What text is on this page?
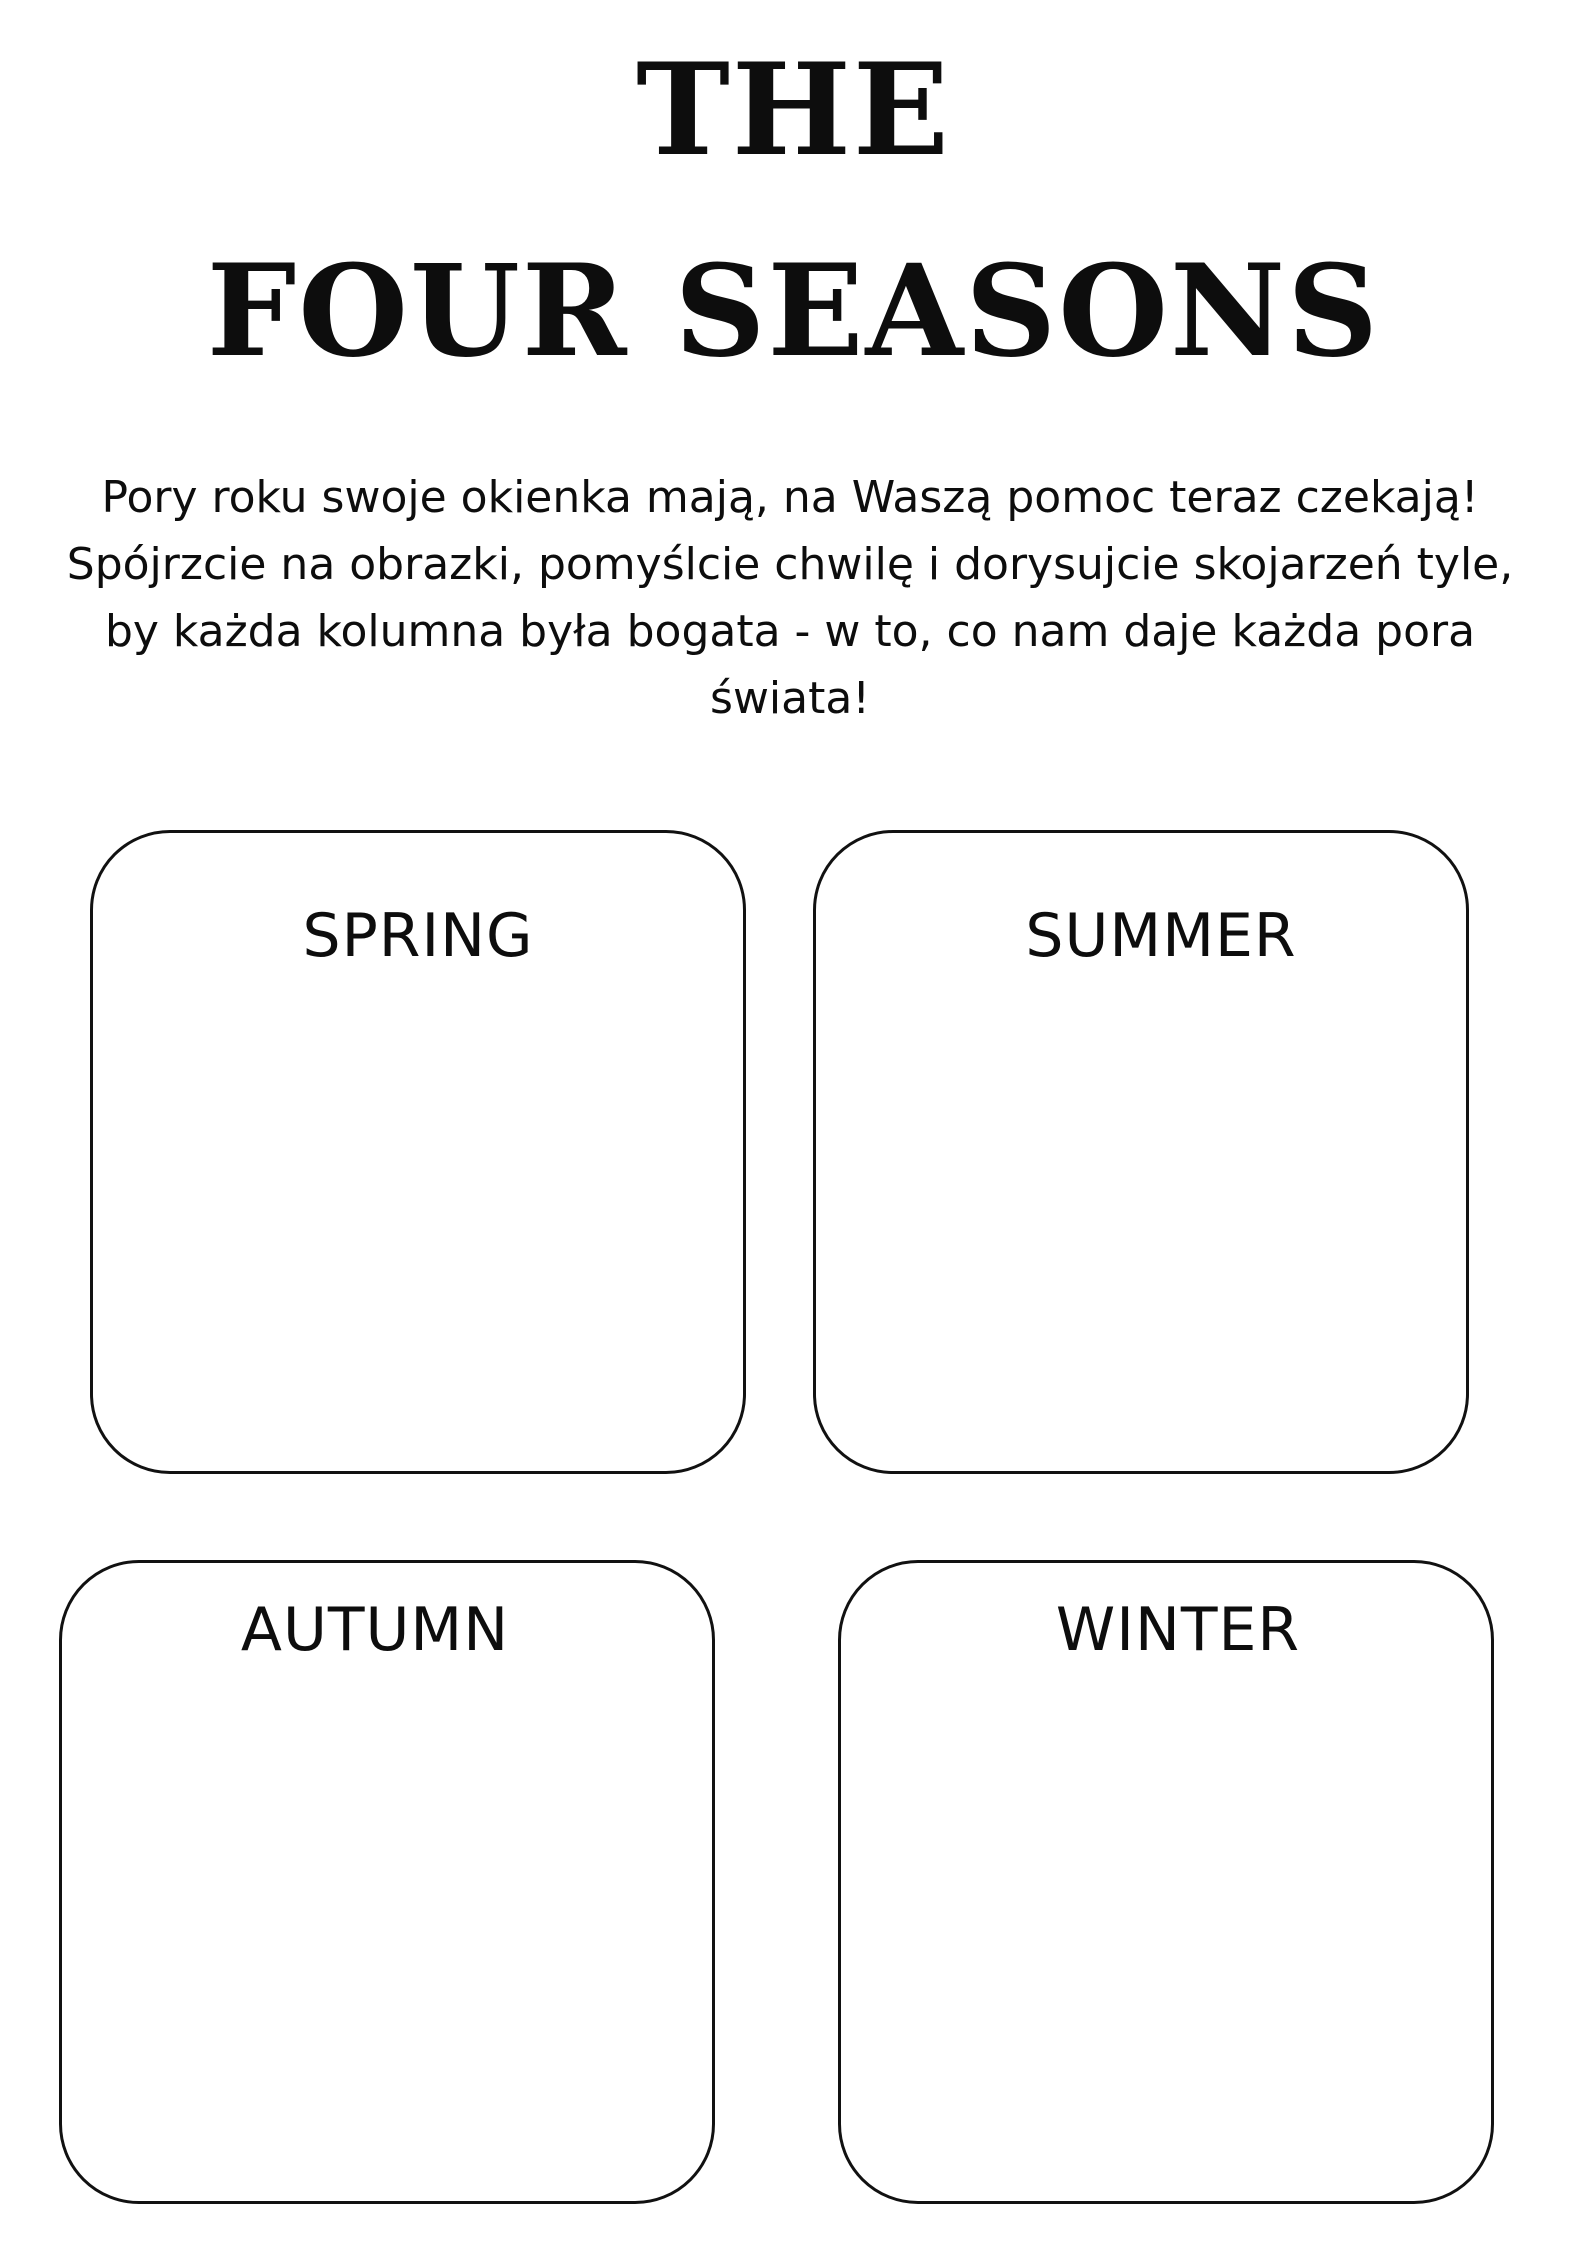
THE
FOUR SEASONS

Pory roku swoje okienka mają, na Waszą pomoc teraz czekają!
Spójrzcie na obrazki, pomyślcie chwilę i dorysujcie skojarzeń tyle,
by każda kolumna była bogata - w to, co nam daje każda pora
świata!

SPRING	SUMMER
AUTUMN	WINTER
